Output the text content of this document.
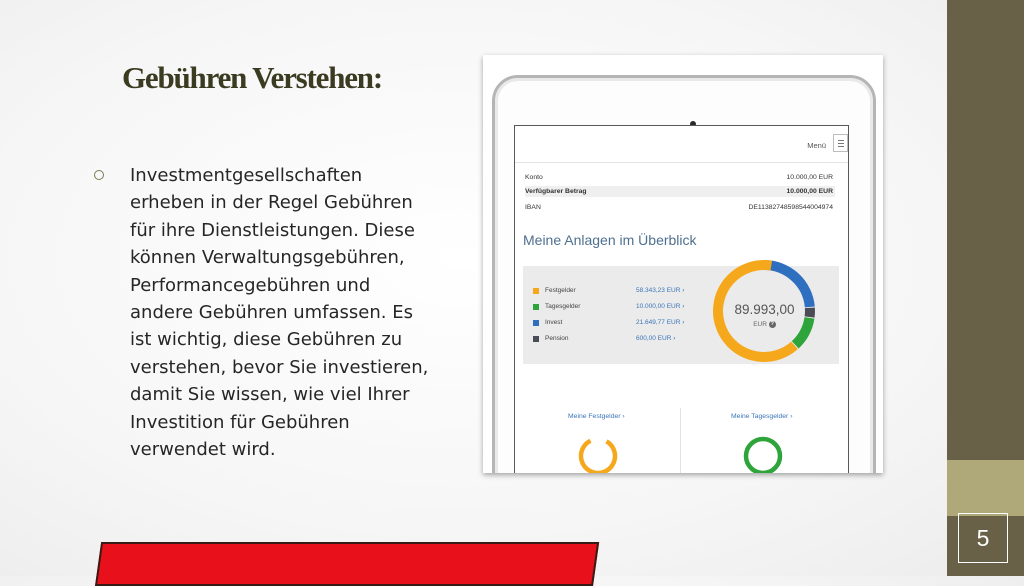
Gebühren Verstehen:

Investmentgesellschaften erheben in der Regel Gebühren für ihre Dienstleistungen. Diese können Verwaltungsgebühren, Performancegebühren und andere Gebühren umfassen. Es ist wichtig, diese Gebühren zu verstehen, bevor Sie investieren, damit Sie wissen, wie viel Ihrer Investition für Gebühren verwendet wird.

5
Menü
Konto	10.000,00 EUR
Verfügbarer Betrag	10.000,00 EUR
IBAN	DE11382748598544004974
Meine Anlagen im Überblick
Festgelder	58.343,23 EUR ›
Tagesgelder	10.000,00 EUR ›
Invest	21.649,77 EUR ›
Pension	600,00 EUR ›
89.993,00
EUR ?
Meine Festgelder ›	Meine Tagesgelder ›
